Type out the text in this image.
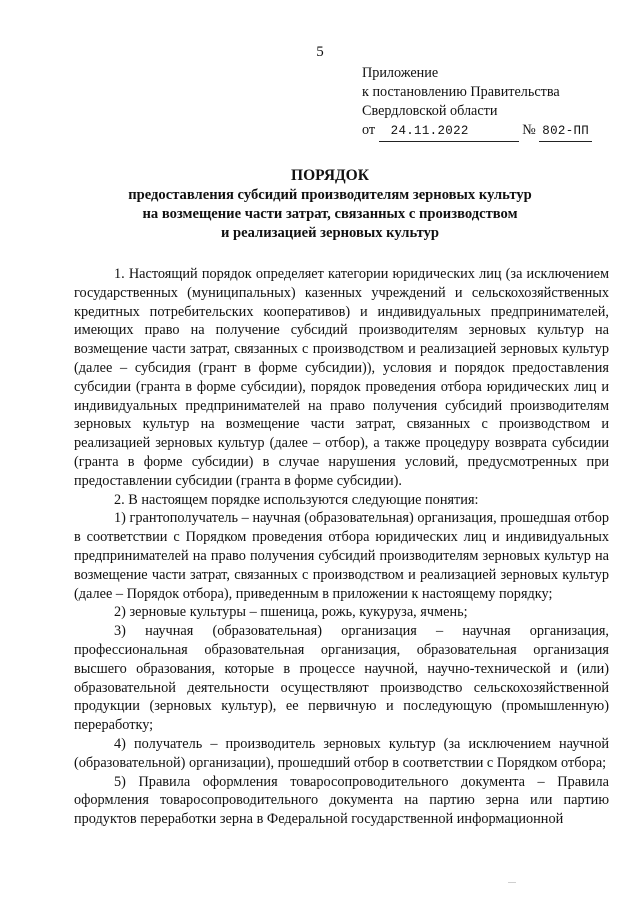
5
Приложение
к постановлению Правительства
Свердловской области
от 24.11.2022	№ 802-ПП
ПОРЯДОК
предоставления субсидий производителям зерновых культур
на возмещение части затрат, связанных с производством
и реализацией зерновых культур

1. Настоящий порядок определяет категории юридических лиц (за исключением государственных (муниципальных) казенных учреждений и сельскохозяйственных кредитных потребительских кооперативов) и индивидуальных предпринимателей, имеющих право на получение субсидий производителям зерновых культур на возмещение части затрат, связанных с производством и реализацией зерновых культур (далее – субсидия (грант в форме субсидии)), условия и порядок предоставления субсидии (гранта в форме субсидии), порядок проведения отбора юридических лиц и индивидуальных предпринимателей на право получения субсидий производителям зерновых культур на возмещение части затрат, связанных с производством и реализацией зерновых культур (далее – отбор), а также процедуру возврата субсидии (гранта в форме субсидии) в случае нарушения условий, предусмотренных при предоставлении субсидии (гранта в форме субсидии).

2. В настоящем порядке используются следующие понятия:

1) грантополучатель – научная (образовательная) организация, прошедшая отбор в соответствии с Порядком проведения отбора юридических лиц и индивидуальных предпринимателей на право получения субсидий производителям зерновых культур на возмещение части затрат, связанных с производством и реализацией зерновых культур (далее – Порядок отбора), приведенным в приложении к настоящему порядку;

2) зерновые культуры – пшеница, рожь, кукуруза, ячмень;

3) научная (образовательная) организация – научная организация, профессиональная образовательная организация, образовательная организация высшего образования, которые в процессе научной, научно-технической и (или) образовательной деятельности осуществляют производство сельскохозяйственной продукции (зерновых культур), ее первичную и последующую (промышленную) переработку;

4) получатель – производитель зерновых культур (за исключением научной (образовательной) организации), прошедший отбор в соответствии с Порядком отбора;

5) Правила оформления товаросопроводительного документа – Правила оформления товаросопроводительного документа на партию зерна или партию продуктов переработки зерна в Федеральной государственной информационной
